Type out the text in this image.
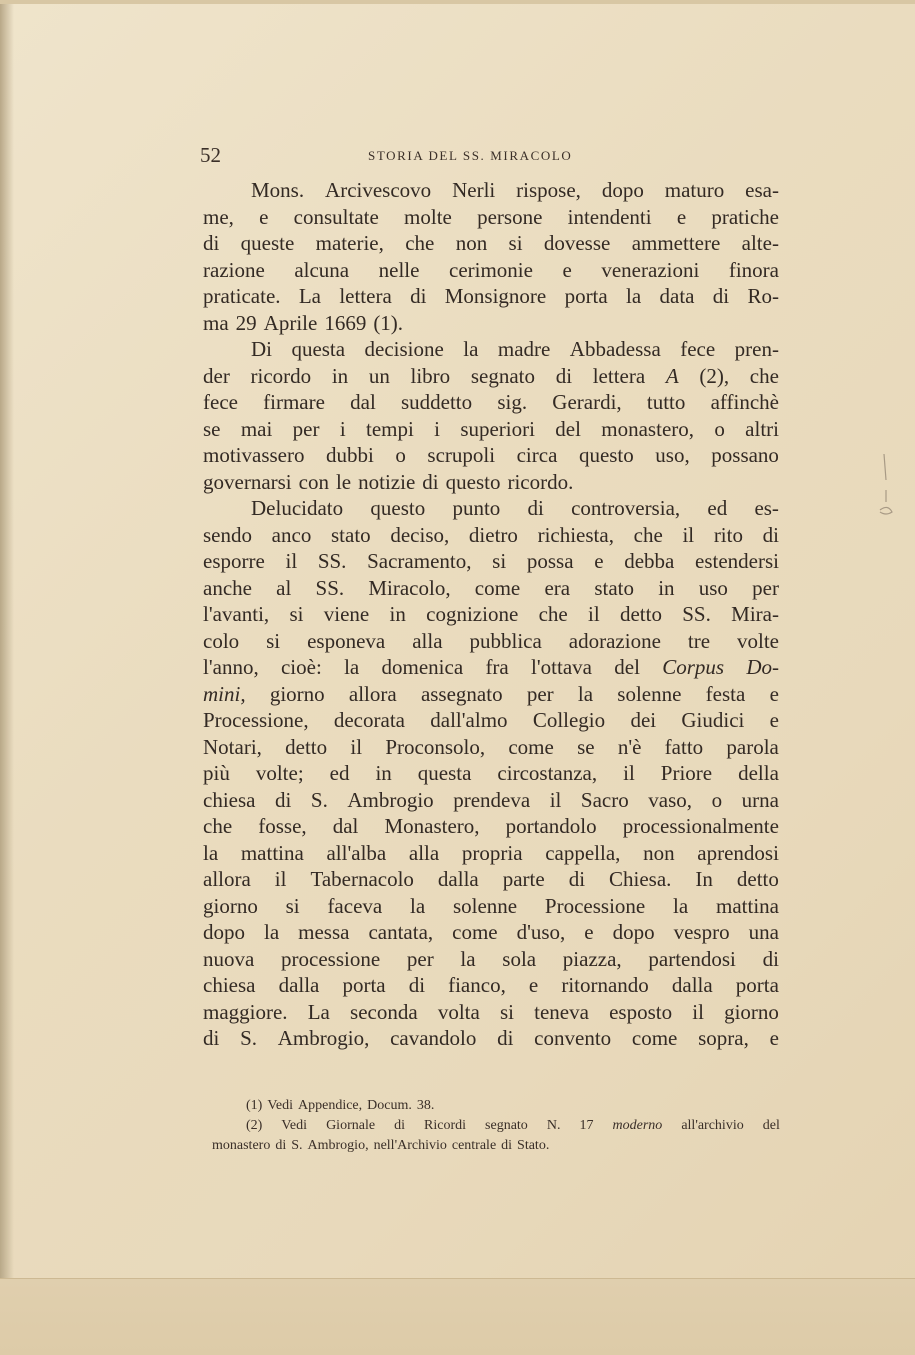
52	STORIA DEL SS. MIRACOLO
Mons. Arcivescovo Nerli rispose, dopo maturo esa-
me, e consultate molte persone intendenti e pratiche
di queste materie, che non si dovesse ammettere alte-
razione alcuna nelle cerimonie e venerazioni finora
praticate. La lettera di Monsignore porta la data di Ro-
ma 29 Aprile 1669 (1).
Di questa decisione la madre Abbadessa fece pren-
der ricordo in un libro segnato di lettera A (2), che
fece firmare dal suddetto sig. Gerardi, tutto affinchè
se mai per i tempi i superiori del monastero, o altri
motivassero dubbi o scrupoli circa questo uso, possano
governarsi con le notizie di questo ricordo.
Delucidato questo punto di controversia, ed es-
sendo anco stato deciso, dietro richiesta, che il rito di
esporre il SS. Sacramento, si possa e debba estendersi
anche al SS. Miracolo, come era stato in uso per
l'avanti, si viene in cognizione che il detto SS. Mira-
colo si esponeva alla pubblica adorazione tre volte
l'anno, cioè: la domenica fra l'ottava del Corpus Do-
mini, giorno allora assegnato per la solenne festa e
Processione, decorata dall'almo Collegio dei Giudici e
Notari, detto il Proconsolo, come se n'è fatto parola
più volte; ed in questa circostanza, il Priore della
chiesa di S. Ambrogio prendeva il Sacro vaso, o urna
che fosse, dal Monastero, portandolo processionalmente
la mattina all'alba alla propria cappella, non aprendosi
allora il Tabernacolo dalla parte di Chiesa. In detto
giorno si faceva la solenne Processione la mattina
dopo la messa cantata, come d'uso, e dopo vespro una
nuova processione per la sola piazza, partendosi di
chiesa dalla porta di fianco, e ritornando dalla porta
maggiore. La seconda volta si teneva esposto il giorno
di S. Ambrogio, cavandolo di convento come sopra, e
(1) Vedi Appendice, Docum. 38.
(2) Vedi Giornale di Ricordi segnato N. 17 moderno all'archivio del
monastero di S. Ambrogio, nell'Archivio centrale di Stato.
